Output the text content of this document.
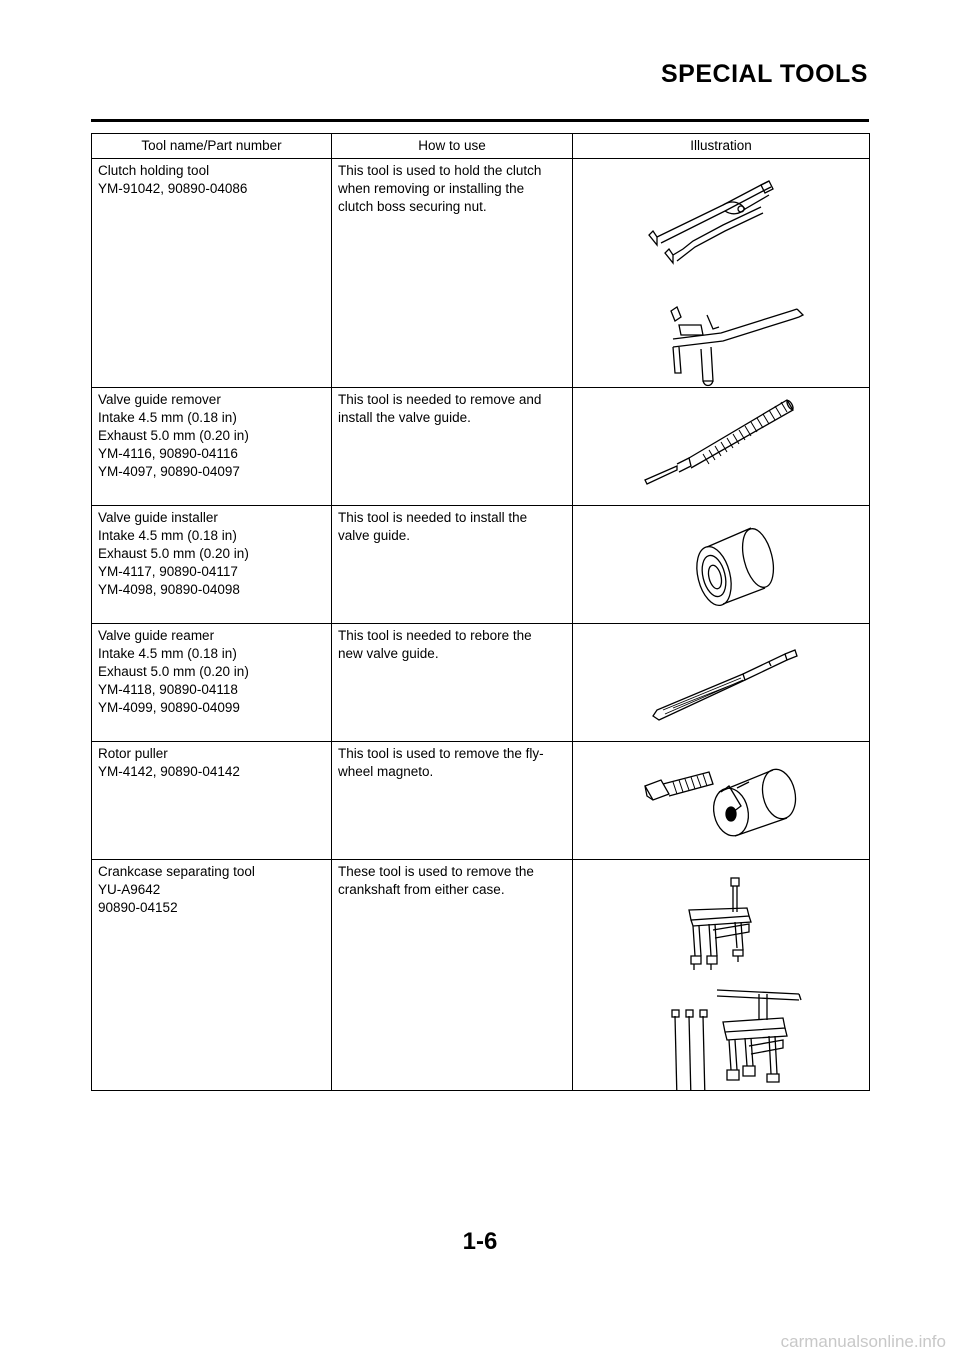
SPECIAL TOOLS
Tool name/Part number	How to use	Illustration

Clutch holding tool
YM-91042, 90890-04086	This tool is used to hold the clutch
when removing or installing the
clutch boss securing nut.

Valve guide remover
Intake 4.5 mm (0.18 in)
Exhaust 5.0 mm (0.20 in)
YM-4116, 90890-04116
YM-4097, 90890-04097	This tool is needed to remove and
install the valve guide.

Valve guide installer
Intake 4.5 mm (0.18 in)
Exhaust 5.0 mm (0.20 in)
YM-4117, 90890-04117
YM-4098, 90890-04098	This tool is needed to install the
valve guide.

Valve guide reamer
Intake 4.5 mm (0.18 in)
Exhaust 5.0 mm (0.20 in)
YM-4118, 90890-04118
YM-4099, 90890-04099	This tool is needed to rebore the
new valve guide.

Rotor puller
YM-4142, 90890-04142	This tool is used to remove the fly-
wheel magneto.

Crankcase separating tool
YU-A9642
90890-04152	These tool is used to remove the
crankshaft from either case.

1-6
carmanualsonline.info
